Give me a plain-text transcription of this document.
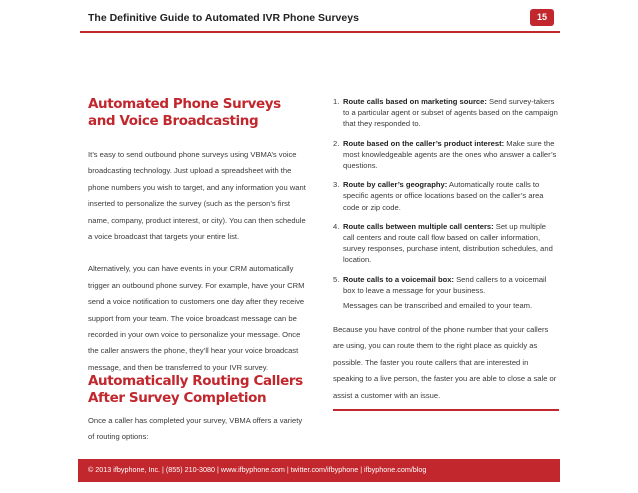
The Definitive Guide to Automated IVR Phone Surveys	15
Automated Phone Surveys and Voice Broadcasting

It’s easy to send outbound phone surveys using VBMA’s voice broadcasting technology. Just upload a spreadsheet with the phone numbers you wish to target, and any information you want inserted to personalize the survey (such as the person’s first name, company, product interest, or city). You can then schedule a voice broadcast that targets your entire list.

Alternatively, you can have events in your CRM automatically trigger an outbound phone survey. For example, have your CRM send a voice notification to customers one day after they receive support from your team. The voice broadcast message can be recorded in your own voice to personalize your message. Once the caller answers the phone, they’ll hear your voice broadcast message, and then be transferred to your IVR survey.

Automatically Routing Callers After Survey Completion

Once a caller has completed your survey, VBMA offers a variety of routing options:

1. Route calls based on marketing source: Send survey-takers to a particular agent or subset of agents based on the campaign that they responded to.
2. Route based on the caller’s product interest: Make sure the most knowledgeable agents are the ones who answer a caller’s questions.
3. Route by caller’s geography: Automatically route calls to specific agents or office locations based on the caller’s area code or zip code.
4. Route calls between multiple call centers: Set up multiple call centers and route call flow based on caller information, survey responses, purchase intent, distribution schedules, and location.
5. Route calls to a voicemail box: Send callers to a voicemail box to leave a message for your business.
Messages can be transcribed and emailed to your team.

Because you have control of the phone number that your callers are using, you can route them to the right place as quickly as possible. The faster you route callers that are interested in speaking to a live person, the faster you are able to close a sale or assist a customer with an issue.

© 2013 ifbyphone, Inc. | (855) 210-3080 | www.ifbyphone.com | twitter.com/ifbyphone | ifbyphone.com/blog
